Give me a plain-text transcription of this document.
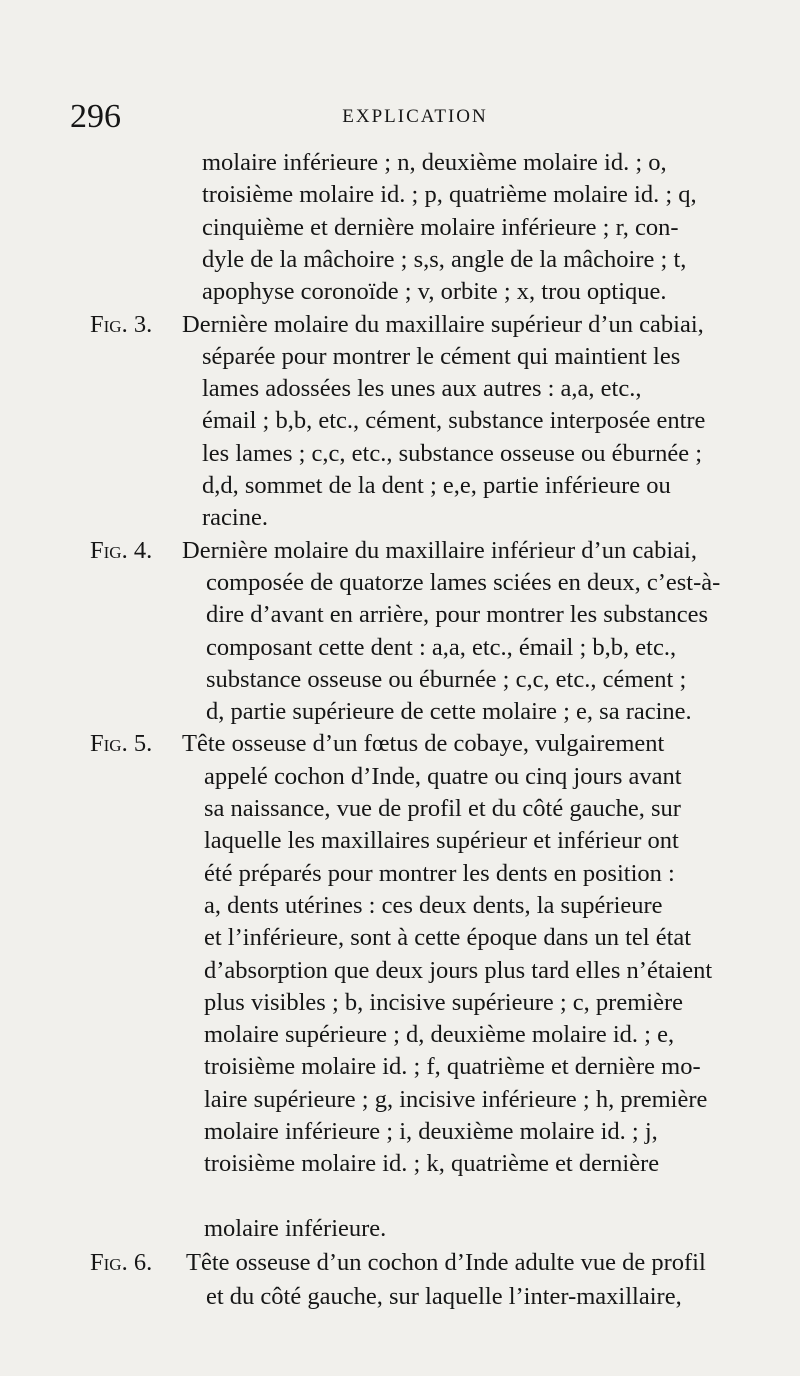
296	EXPLICATION
Fig. 3.
Fig. 4.
Fig. 5.
Fig. 6.
molaire inférieure ; n, deuxième molaire id. ; o,
troisième molaire id. ; p, quatrième molaire id. ; q,
cinquième et dernière molaire inférieure ; r, con-
dyle de la mâchoire ; s,s, angle de la mâchoire ; t,
apophyse coronoïde ; v, orbite ; x, trou optique.
Dernière molaire du maxillaire supérieur d’un cabiai,
séparée pour montrer le cément qui maintient les
lames adossées les unes aux autres : a,a, etc.,
émail ; b,b, etc., cément, substance interposée entre
les lames ; c,c, etc., substance osseuse ou éburnée ;
d,d, sommet de la dent ; e,e, partie inférieure ou
racine.
Dernière molaire du maxillaire inférieur d’un cabiai,
composée de quatorze lames sciées en deux, c’est-à-
dire d’avant en arrière, pour montrer les substances
composant cette dent : a,a, etc., émail ; b,b, etc.,
substance osseuse ou éburnée ; c,c, etc., cément ;
d, partie supérieure de cette molaire ; e, sa racine.
Tête osseuse d’un fœtus de cobaye, vulgairement
appelé cochon d’Inde, quatre ou cinq jours avant
sa naissance, vue de profil et du côté gauche, sur
laquelle les maxillaires supérieur et inférieur ont
été préparés pour montrer les dents en position :
a, dents utérines : ces deux dents, la supérieure
et l’inférieure, sont à cette époque dans un tel état
d’absorption que deux jours plus tard elles n’étaient
plus visibles ; b, incisive supérieure ; c, première
molaire supérieure ; d, deuxième molaire id. ; e,
troisième molaire id. ; f, quatrième et dernière mo-
laire supérieure ; g, incisive inférieure ; h, première
molaire inférieure ; i, deuxième molaire id. ; j,
troisième molaire id. ; k, quatrième et dernière
molaire inférieure.
Tête osseuse d’un cochon d’Inde adulte vue de profil
et du côté gauche, sur laquelle l’inter-maxillaire,
